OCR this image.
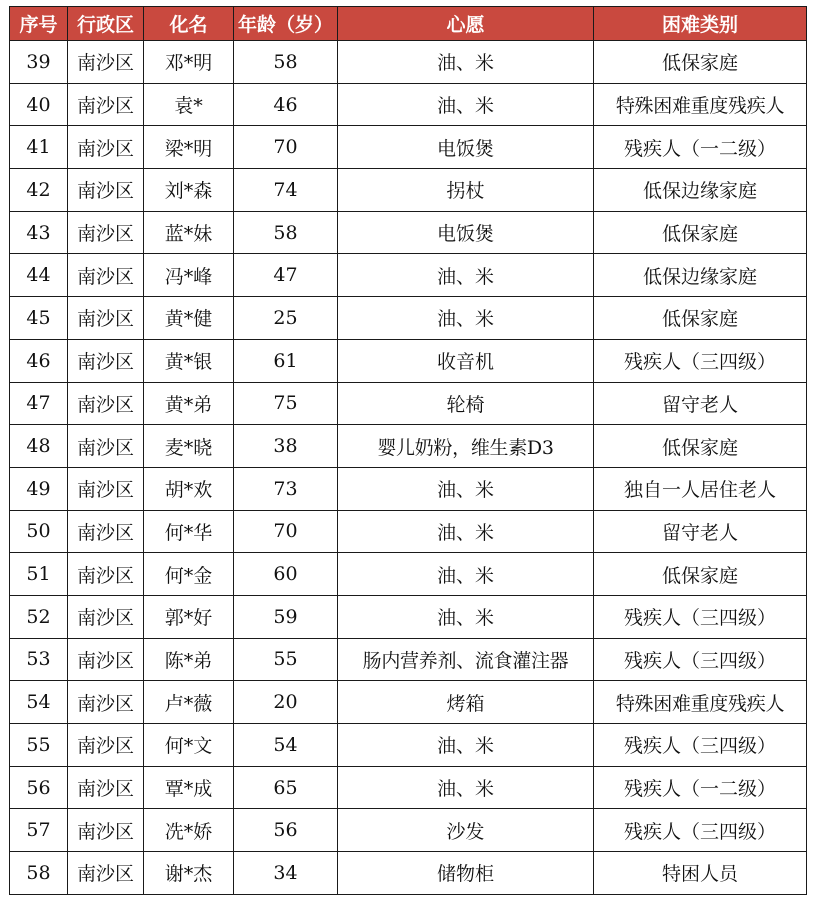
序号	行政区	化名	年龄（岁）	心愿	困难类别
39	南沙区	邓*明	58	油、米	低保家庭
40	南沙区	袁*	46	油、米	特殊困难重度残疾人
41	南沙区	梁*明	70	电饭煲	残疾人（一二级）
42	南沙区	刘*森	74	拐杖	低保边缘家庭
43	南沙区	蓝*妹	58	电饭煲	低保家庭
44	南沙区	冯*峰	47	油、米	低保边缘家庭
45	南沙区	黄*健	25	油、米	低保家庭
46	南沙区	黄*银	61	收音机	残疾人（三四级）
47	南沙区	黄*弟	75	轮椅	留守老人
48	南沙区	麦*晓	38	婴儿奶粉，维生素D3	低保家庭
49	南沙区	胡*欢	73	油、米	独自一人居住老人
50	南沙区	何*华	70	油、米	留守老人
51	南沙区	何*金	60	油、米	低保家庭
52	南沙区	郭*好	59	油、米	残疾人（三四级）
53	南沙区	陈*弟	55	肠内营养剂、流食灌注器	残疾人（三四级）
54	南沙区	卢*薇	20	烤箱	特殊困难重度残疾人
55	南沙区	何*文	54	油、米	残疾人（三四级）
56	南沙区	覃*成	65	油、米	残疾人（一二级）
57	南沙区	冼*娇	56	沙发	残疾人（三四级）
58	南沙区	谢*杰	34	储物柜	特困人员
